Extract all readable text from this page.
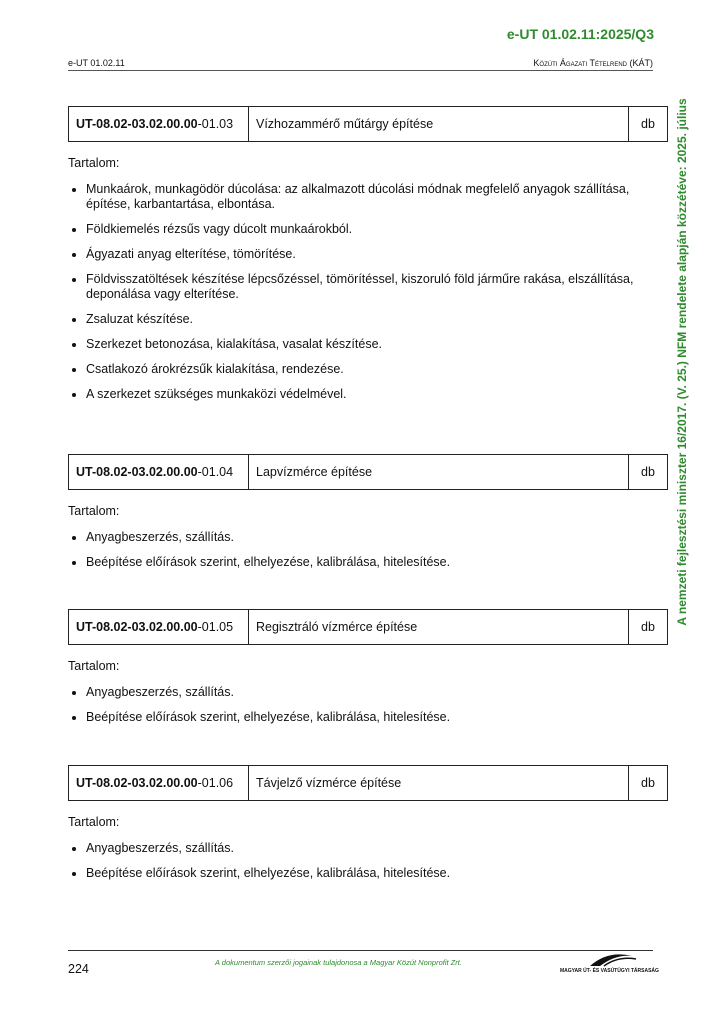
e-UT 01.02.11:2025/Q3
e-UT 01.02.11	Közúti Ágazati Tételrend (KÁT)
A nemzeti fejlesztési miniszter 16/2017. (V. 25.) NFM rendelete alapján közzétéve: 2025. július
UT-08.02-03.02.00.00 -01.03	Vízhozammérő műtárgy építése	db
Tartalom:
• Munkaárok, munkagödör dúcolása: az alkalmazott dúcolási módnak megfelelő anyagok szállítása, építése, karbantartása, elbontása.
• Földkiemelés rézsűs vagy dúcolt munkaárokból.
• Ágyazati anyag elterítése, tömörítése.
• Földvisszatöltések készítése lépcsőzéssel, tömörítéssel, kiszoruló föld járműre rakása, elszállítása, deponálása vagy elterítése.
• Zsaluzat készítése.
• Szerkezet betonozása, kialakítása, vasalat készítése.
• Csatlakozó árokrézsűk kialakítása, rendezése.
• A szerkezet szükséges munkaközi védelmével.
UT-08.02-03.02.00.00 -01.04	Lapvízmérce építése	db
Tartalom:
• Anyagbeszerzés, szállítás.
• Beépítése előírások szerint, elhelyezése, kalibrálása, hitelesítése.
UT-08.02-03.02.00.00 -01.05	Regisztráló vízmérce építése	db
Tartalom:
• Anyagbeszerzés, szállítás.
• Beépítése előírások szerint, elhelyezése, kalibrálása, hitelesítése.
UT-08.02-03.02.00.00 -01.06	Távjelző vízmérce építése	db
Tartalom:
• Anyagbeszerzés, szállítás.
• Beépítése előírások szerint, elhelyezése, kalibrálása, hitelesítése.
224	A dokumentum szerzői jogainak tulajdonosa a Magyar Közút Nonprofit Zrt.
MAGYAR ÚT- ÉS VASÚTÜGYI TÁRSASÁG
